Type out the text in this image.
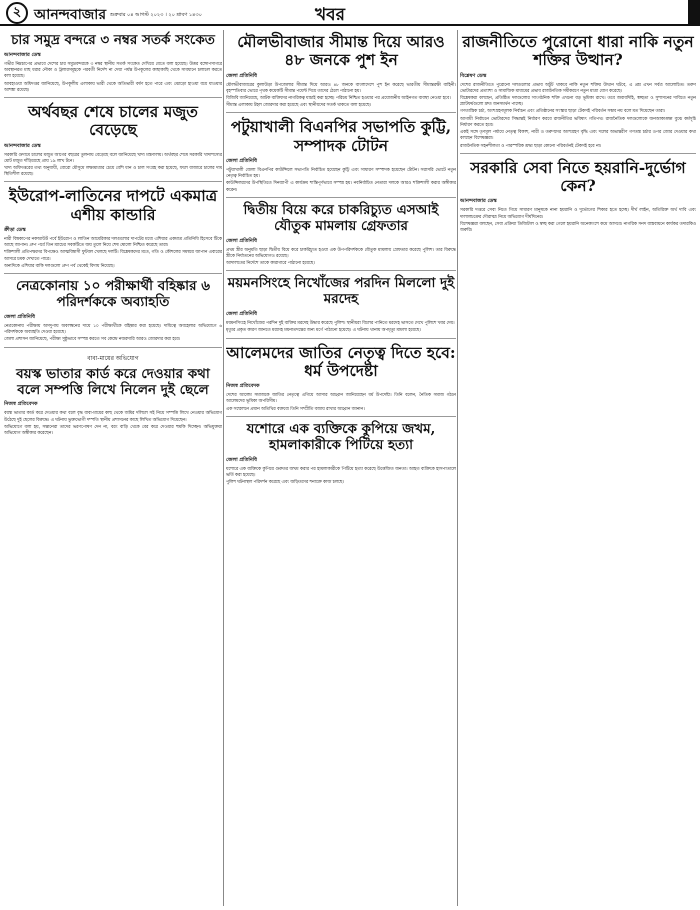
২ আনন্দবাজার শুক্রবার ০৪ আগস্ট ২০২৩ । ২০ শ্রাবণ ১৪৩০	খবর
চার সমুদ্র বন্দরে ৩ নম্বর সতর্ক সংকেত
আনন্দবাজার ডেস্ক

গভীর নিম্নচাপের প্রভাবে দেশের চার সমুদ্রবন্দরকে ৩ নম্বর স্থানীয় সতর্ক সংকেত দেখিয়ে যেতে বলা হয়েছে। উত্তর বঙ্গোপসাগরে অবস্থানরত মাছ ধরার নৌকা ও ট্রলারসমূহকে পরবর্তী নির্দেশ না দেয়া পর্যন্ত উপকূলের কাছাকাছি থেকে সাবধানে চলাচল করতে বলা হয়েছে।

আবহাওয়া অধিদপ্তর জানিয়েছে, উপকূলীয় এলাকায় ভারী থেকে অতিভারী বর্ষণ হতে পারে এবং ঝোড়ো হাওয়া বয়ে যাওয়ার আশঙ্কা রয়েছে।

অর্থবছর শেষে চালের মজুত বেড়েছে
আনন্দবাজার ডেস্ক

সরকারি গুদামে চালের মজুত আগের বছরের তুলনায় বেড়েছে বলে জানিয়েছে খাদ্য মন্ত্রণালয়। অর্থবছর শেষে সরকারি খাদ্যশস্যের মোট মজুত দাঁড়িয়েছে প্রায় ১৯ লাখ টনে।

খাদ্য অধিদপ্তরের তথ্য অনুযায়ী, বোরো মৌসুমে লক্ষ্যমাত্রার চেয়ে বেশি ধান ও চাল সংগ্রহ করা হয়েছে, ফলে বাজারে চালের দাম স্থিতিশীল রয়েছে।

ইউরোপ-লাতিনের দাপটে একমাত্র এশীয় কান্ডারি
ক্রীড়া ডেস্ক

নারী বিশ্বকাপের নকআউট পর্বে ইউরোপ ও লাতিন আমেরিকার দলগুলোর দাপটের মধ্যে এশিয়ার একমাত্র প্রতিনিধি হিসেবে টিকে আছে জাপান। গ্রুপ পর্বে তিন ম্যাচের সবকটিতে জয় তুলে নিয়ে শেষ ষোলো নিশ্চিত করেছে তারা।

শক্তিশালী প্রতিপক্ষদের বিপক্ষেও আত্মবিশ্বাসী ফুটবল খেলছে দলটি। বিশ্লেষকদের মতে, গতি ও কৌশলের সমন্বয়ে জাপান এবারের আসরে চমক দেখাতে পারে।

অন্যদিকে এশিয়ার বাকি দলগুলো গ্রুপ পর্ব থেকেই বিদায় নিয়েছে।

নেত্রকোনায় ১০ পরীক্ষার্থী বহিষ্কার ৬ পরিদর্শককে অব্যাহতি
জেলা প্রতিনিধি

নেত্রকোনায় পরীক্ষায় অসদুপায় অবলম্বনের দায়ে ১০ পরীক্ষার্থীকে বহিষ্কার করা হয়েছে। দায়িত্বে অবহেলার অভিযোগে ৬ পরিদর্শককে অব্যাহতি দেওয়া হয়েছে।

জেলা প্রশাসন জানিয়েছে, পরীক্ষা সুষ্ঠুভাবে সম্পন্ন করতে সব কেন্দ্রে নজরদারি আরও জোরদার করা হবে।

বাবা-মায়ের অভিযোগ
বয়স্ক ভাতার কার্ড করে দেওয়ার কথা বলে সম্পত্তি লিখে নিলেন দুই ছেলে
নিজস্ব প্রতিবেদক

বয়স্ক ভাতার কার্ড করে দেওয়ার কথা বলে বৃদ্ধ বাবা-মায়ের কাছ থেকে জমির দলিলে সই নিয়ে সম্পত্তি লিখে নেওয়ার অভিযোগ উঠেছে দুই ছেলের বিরুদ্ধে। এ ঘটনায় ভুক্তভোগী দম্পতি স্থানীয় প্রশাসনের কাছে লিখিত অভিযোগ দিয়েছেন।

অভিযোগে বলা হয়, সন্তানেরা তাদের ভরণপোষণ দেন না, বরং বাড়ি থেকে বের করে দেওয়ার হুমকি দিচ্ছেন। অভিযুক্তরা অভিযোগ অস্বীকার করেছেন।

মৌলভীবাজার সীমান্ত দিয়ে আরও ৪৮ জনকে পুশ ইন
জেলা প্রতিনিধি

মৌলভীবাজারের কুলাউড়া উপজেলার সীমান্ত দিয়ে আরও ৪৮ জনকে বাংলাদেশে পুশ ইন করেছে ভারতীয় সীমান্তরক্ষী বাহিনী। বৃহস্পতিবার ভোরে পৃথক কয়েকটি সীমান্ত পয়েন্ট দিয়ে তাদের ঠেলে পাঠানো হয়।

বিজিবি জানিয়েছে, আটক ব্যক্তিদের নাগরিকত্ব যাচাই করা হচ্ছে। পরিচয় নিশ্চিত হওয়ার পর প্রয়োজনীয় আইনগত ব্যবস্থা নেওয়া হবে।

সীমান্ত এলাকায় টহল জোরদার করা হয়েছে এবং স্থানীয়দের সতর্ক থাকতে বলা হয়েছে।

পটুয়াখালী বিএনপির সভাপতি কুট্টি, সম্পাদক টোটন
জেলা প্রতিনিধি

পটুয়াখালী জেলা বিএনপির কাউন্সিলে সভাপতি নির্বাচিত হয়েছেন কুট্টি এবং সাধারণ সম্পাদক হয়েছেন টোটন। সরাসরি ভোটে নতুন নেতৃত্ব নির্বাচিত হয়।

কাউন্সিলরদের উপস্থিতিতে দিনব্যাপী এ কার্যক্রম শান্তিপূর্ণভাবে সম্পন্ন হয়। নবনির্বাচিত নেতারা দলকে আরও শক্তিশালী করার অঙ্গীকার করেন।

দ্বিতীয় বিয়ে করে চাকরিচ্যুত এসআই যৌতুক মামলায় গ্রেফতার
জেলা প্রতিনিধি

প্রথম স্ত্রীর অনুমতি ছাড়া দ্বিতীয় বিয়ে করে চাকরিচ্যুত হওয়া এক উপপরিদর্শককে যৌতুক মামলায় গ্রেফতার করেছে পুলিশ। তার বিরুদ্ধে স্ত্রীকে নির্যাতনের অভিযোগও রয়েছে।

আদালতের নির্দেশে তাকে কারাগারে পাঠানো হয়েছে।

ময়মনসিংহে নিখোঁজের পরদিন মিললো দুই মরদেহ
জেলা প্রতিনিধি

ময়মনসিংহে নিখোঁজের পরদিন দুই ব্যক্তির মরদেহ উদ্ধার করেছে পুলিশ। স্থানীয়রা বিলের পানিতে মরদেহ ভাসতে দেখে পুলিশে খবর দেয়।

মৃত্যুর প্রকৃত কারণ জানতে মরদেহ ময়নাতদন্তের জন্য মর্গে পাঠানো হয়েছে। এ ঘটনায় থানায় অপমৃত্যু মামলা হয়েছে।

আলেমদের জাতির নেতৃত্ব দিতে হবে: ধর্ম উপদেষ্টা
নিজস্ব প্রতিবেদক

দেশের আলেম সমাজকে জাতির নেতৃত্বে এগিয়ে আসার আহ্বান জানিয়েছেন ধর্ম উপদেষ্টা। তিনি বলেন, নৈতিক সমাজ গঠনে আলেমদের ভূমিকা অপরিসীম।

এক সম্মেলনে প্রধান অতিথির বক্তব্যে তিনি সম্প্রীতি বজায় রাখার আহ্বান জানান।

যশোরে এক ব্যক্তিকে কুপিয়ে জখম, হামলাকারীকে পিটিয়ে হত্যা
জেলা প্রতিনিধি

যশোরে এক ব্যক্তিকে কুপিয়ে গুরুতর জখম করার পর হামলাকারীকে পিটিয়ে হত্যা করেছে উত্তেজিত জনতা। আহত ব্যক্তিকে হাসপাতালে ভর্তি করা হয়েছে।

পুলিশ ঘটনাস্থল পরিদর্শন করেছে এবং জড়িতদের শনাক্তে কাজ চলছে।

রাজনীতিতে পুরোনো ধারা নাকি নতুন শক্তির উত্থান?
বিশ্লেষণ ডেস্ক

দেশের রাজনীতিতে পুরোনো দলগুলোর প্রভাব অটুট থাকবে নাকি নতুন শক্তির উত্থান ঘটবে, এ প্রশ্ন এখন সর্বত্র আলোচিত। তরুণ ভোটারদের প্রত্যাশা ও সামাজিক মাধ্যমের প্রভাব রাজনৈতিক সমীকরণে নতুন মাত্রা যোগ করেছে।

বিশ্লেষকরা বলছেন, প্রতিষ্ঠিত দলগুলোর সাংগঠনিক শক্তি এখনো বড় ভূমিকা রাখে। তবে জবাবদিহি, স্বচ্ছতা ও সুশাসনের দাবিতে নতুন প্ল্যাটফর্মগুলো দ্রুত জনসমর্থন পাচ্ছে।

গণতান্ত্রিক চর্চা, অংশগ্রহণমূলক নির্বাচন এবং প্রতিষ্ঠানের সংস্কার ছাড়া টেকসই পরিবর্তন সম্ভব নয় বলে মত দিয়েছেন তারা।

আগামী নির্বাচনে ভোটারদের সিদ্ধান্তই নির্ধারণ করবে রাজনীতির ভবিষ্যৎ গতিপথ। রাজনৈতিক দলগুলোকে জনআকাঙ্ক্ষা বুঝে কর্মসূচি নির্ধারণ করতে হবে।

একই সঙ্গে তৃণমূল পর্যায়ে নেতৃত্ব বিকাশ, নারী ও তরুণদের অংশগ্রহণ বৃদ্ধি এবং দলের অভ্যন্তরীণ গণতন্ত্র চর্চার ওপর জোর দেওয়ার কথা বলছেন বিশেষজ্ঞরা।

রাজনৈতিক সহনশীলতা ও পারস্পরিক শ্রদ্ধা ছাড়া কোনো পরিবর্তনই টেকসই হবে না।

সরকারি সেবা নিতে হয়রানি-দুর্ভোগ কেন?
আনন্দবাজার ডেস্ক

সরকারি দপ্তরে সেবা নিতে গিয়ে সাধারণ মানুষকে নানা হয়রানি ও দুর্ভোগের শিকার হতে হচ্ছে। দীর্ঘ লাইন, অতিরিক্ত অর্থ দাবি এবং দালালচক্রের দৌরাত্ম্য নিয়ে অভিযোগ দীর্ঘদিনের।

বিশেষজ্ঞরা বলছেন, সেবা প্রক্রিয়া ডিজিটাল ও স্বচ্ছ করা গেলে হয়রানি অনেকাংশে কমে আসবে। নাগরিক সনদ বাস্তবায়নে কার্যকর তদারকিও জরুরি।
